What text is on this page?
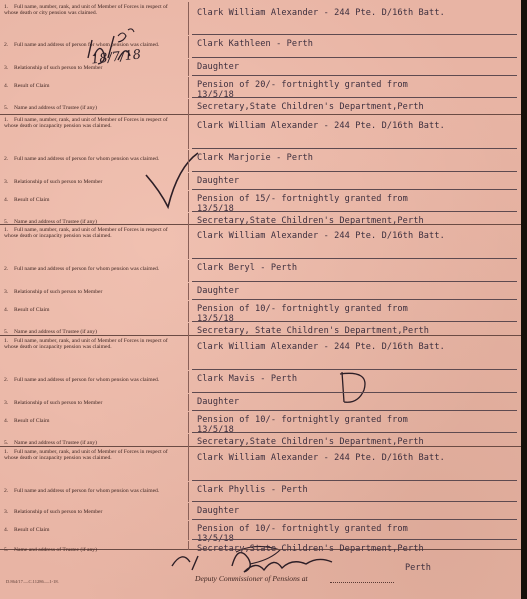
18/7/18
1. Full name, number, rank, and unit of Member of Forces in respect of whose death or city pension was claimed.	Clark William Alexander - 244 Pte. D/16th Batt.
2. Full name and address of person for whom pension was claimed.	Clark Kathleen - Perth
3. Relationship of such person to Member	Daughter
4. Result of Claim	Pension of 20/- fortnightly granted from
13/5/18
5. Name and address of Trustee (if any)	Secretary,State Children's Department,Perth
1. Full name, number, rank, and unit of Member of Forces in respect of whose death or incapacity pension was claimed.	Clark William Alexander - 244 Pte. D/16th Batt.
2. Full name and address of person for whom pension was claimed.	Clark Marjorie - Perth
3. Relationship of such person to Member	Daughter
4. Result of Claim	Pension of 15/- fortnightly granted from
13/5/18
5. Name and address of Trustee (if any)	Secretary,State Children's Department,Perth
1. Full name, number, rank, and unit of Member of Forces in respect of whose death or incapacity pension was claimed.	Clark William Alexander - 244 Pte. D/16th Batt.
2. Full name and address of person for whom pension was claimed.	Clark Beryl - Perth
3. Relationship of such person to Member	Daughter
4. Result of Claim	Pension of 10/- fortnightly granted from
13/5/18
5. Name and address of Trustee (if any)	Secretary, State Children's Department,Perth
1. Full name, number, rank, and unit of Member of Forces in respect of whose death or incapacity pension was claimed.	Clark William Alexander - 244 Pte. D/16th Batt.
2. Full name and address of person for whom pension was claimed.	Clark Mavis - Perth
3. Relationship of such person to Member	Daughter
4. Result of Claim	Pension of 10/- fortnightly granted from
13/5/18
5. Name and address of Trustee (if any)	Secretary,State Children's Department,Perth
1. Full name, number, rank, and unit of Member of Forces in respect of whose death or incapacity pension was claimed.	Clark William Alexander - 244 Pte. D/16th Batt.
2. Full name and address of person for whom pension was claimed.	Clark Phyllis - Perth
3. Relationship of such person to Member	Daughter
4. Result of Claim	Pension of 10/- fortnightly granted from
13/5/18
5. Name and address of Trustee (if any)	Secretary,State Children's Department,Perth
Deputy Commissioner of Pensions at
Perth
D.864/17.—C.11286.—1-18.
